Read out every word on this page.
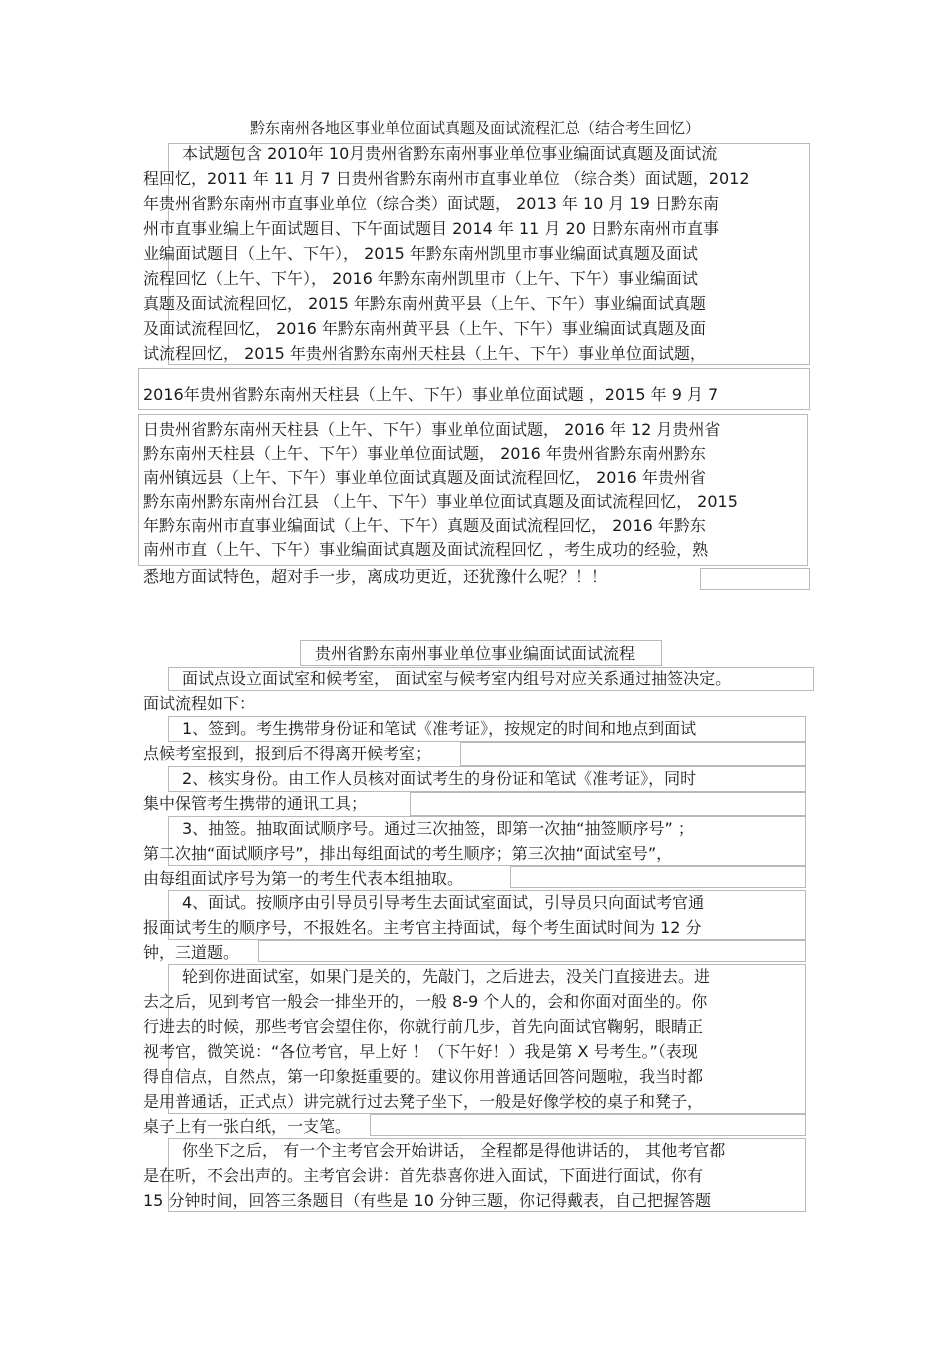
黔东南州各地区事业单位面试真题及面试流程汇总（结合考生回忆）
本试题包含 2010年 10月贵州省黔东南州事业单位事业编面试真题及面试流
程回忆，2011 年 11 月 7 日贵州省黔东南州市直事业单位 （综合类）面试题，2012
年贵州省黔东南州市直事业单位（综合类）面试题， 2013 年 10 月 19 日黔东南
州市直事业编上午面试题目、下午面试题目 2014 年 11 月 20 日黔东南州市直事
业编面试题目（上午、下午）， 2015 年黔东南州凯里市事业编面试真题及面试
流程回忆（上午、下午）， 2016 年黔东南州凯里市（上午、下午）事业编面试
真题及面试流程回忆， 2015 年黔东南州黄平县（上午、下午）事业编面试真题
及面试流程回忆， 2016 年黔东南州黄平县（上午、下午）事业编面试真题及面
试流程回忆， 2015 年贵州省黔东南州天柱县（上午、下午）事业单位面试题，
2016年贵州省黔东南州天柱县（上午、下午）事业单位面试题 ，2015 年 9 月 7
日贵州省黔东南州天柱县（上午、下午）事业单位面试题， 2016 年 12 月贵州省
黔东南州天柱县（上午、下午）事业单位面试题， 2016 年贵州省黔东南州黔东
南州镇远县（上午、下午）事业单位面试真题及面试流程回忆， 2016 年贵州省
黔东南州黔东南州台江县 （上午、下午）事业单位面试真题及面试流程回忆， 2015
年黔东南州市直事业编面试（上午、下午）真题及面试流程回忆， 2016 年黔东
南州市直（上午、下午）事业编面试真题及面试流程回忆 ，考生成功的经验，熟
悉地方面试特色，超对手一步，离成功更近，还犹豫什么呢？！！
贵州省黔东南州事业单位事业编面试面试流程
面试点设立面试室和候考室， 面试室与候考室内组号对应关系通过抽签决定。
面试流程如下：
1、签到。考生携带身份证和笔试《准考证》，按规定的时间和地点到面试
点候考室报到，报到后不得离开候考室；
2、核实身份。由工作人员核对面试考生的身份证和笔试《准考证》，同时
集中保管考生携带的通讯工具；
3、抽签。抽取面试顺序号。通过三次抽签，即第一次抽“抽签顺序号” ；
第二次抽“面试顺序号”，排出每组面试的考生顺序；第三次抽“面试室号”，
由每组面试序号为第一的考生代表本组抽取。
4、面试。按顺序由引导员引导考生去面试室面试，引导员只向面试考官通
报面试考生的顺序号，不报姓名。主考官主持面试，每个考生面试时间为 12 分
钟，三道题。
轮到你进面试室，如果门是关的，先敲门，之后进去，没关门直接进去。进
去之后，见到考官一般会一排坐开的，一般 8-9 个人的，会和你面对面坐的。你
行进去的时候，那些考官会望住你，你就行前几步，首先向面试官鞠躬，眼睛正
视考官，微笑说：“各位考官，早上好 ！（下午好！）我是第 X 号考生。”（表现
得自信点，自然点，第一印象挺重要的。建议你用普通话回答问题啦，我当时都
是用普通话，正式点）讲完就行过去凳子坐下，一般是好像学校的桌子和凳子，
桌子上有一张白纸，一支笔。
你坐下之后， 有一个主考官会开始讲话， 全程都是得他讲话的， 其他考官都
是在听，不会出声的。主考官会讲：首先恭喜你进入面试，下面进行面试，你有
15 分钟时间，回答三条题目（有些是 10 分钟三题，你记得戴表，自己把握答题
